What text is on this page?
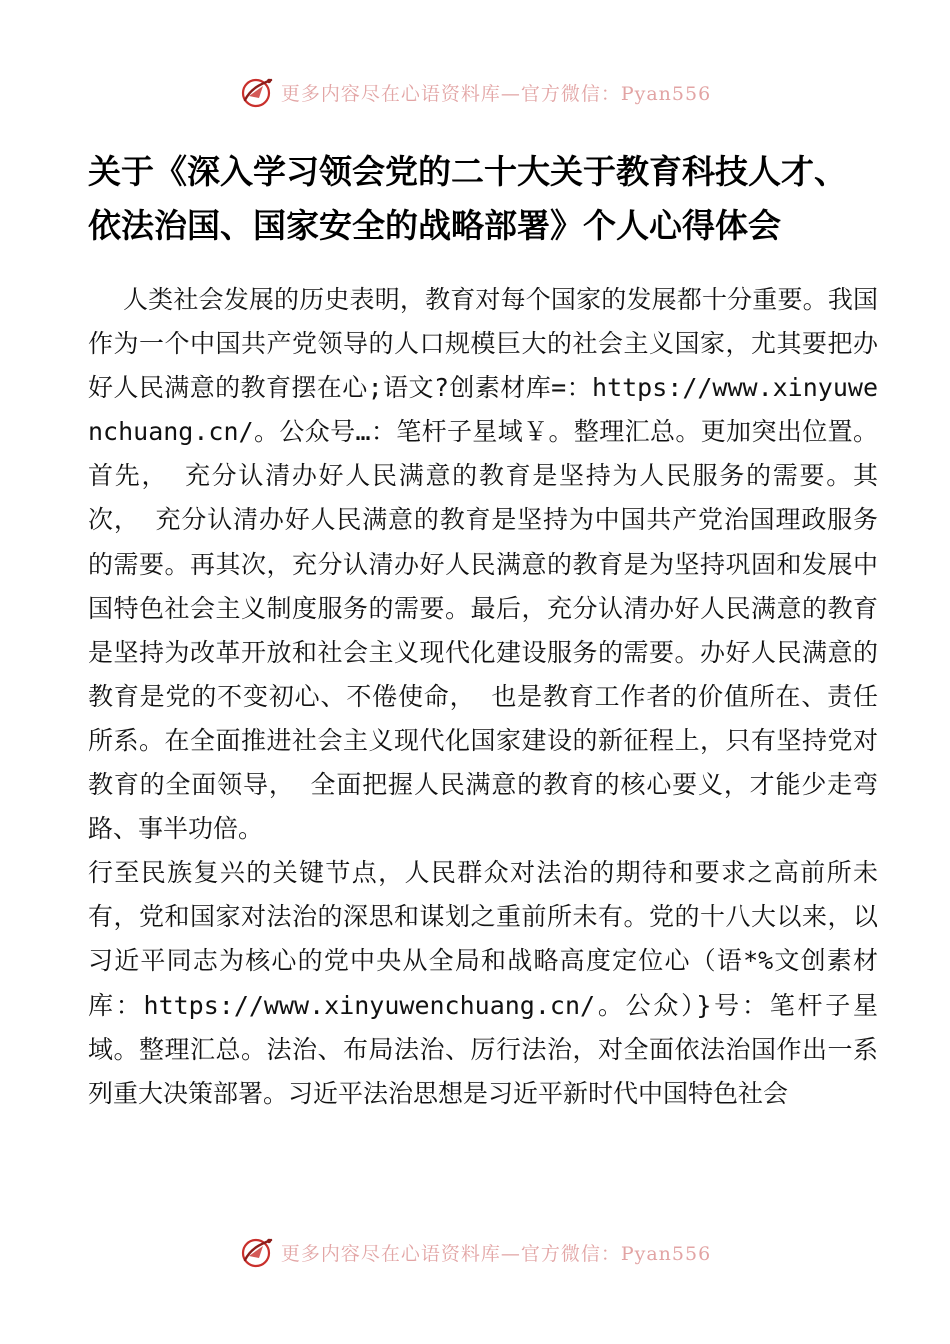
更多内容尽在心语资料库—官方微信：Pyan556
关于《深入学习领会党的二十大关于教育科技人才、 依法治国、国家安全的战略部署》个人心得体会

人类社会发展的历史表明，教育对每个国家的发展都十分重要。我国作为一个中国共产党领导的人口规模巨大的社会主义国家，尤其要把办好人民满意的教育摆在心;语文?创素材库=：https://www.xinyuwenchuang.cn/。公众号…：笔杆子星域￥。整理汇总。更加突出位置。首先， 充分认清办好人民满意的教育是坚持为人民服务的需要。其次， 充分认清办好人民满意的教育是坚持为中国共产党治国理政服务的需要。再其次，充分认清办好人民满意的教育是为坚持巩固和发展中国特色社会主义制度服务的需要。最后，充分认清办好人民满意的教育是坚持为改革开放和社会主义现代化建设服务的需要。办好人民满意的教育是党的不变初心、不倦使命， 也是教育工作者的价值所在、责任所系。在全面推进社会主义现代化国家建设的新征程上，只有坚持党对教育的全面领导， 全面把握人民满意的教育的核心要义，才能少走弯路、事半功倍。

行至民族复兴的关键节点，人民群众对法治的期待和要求之高前所未有，党和国家对法治的深思和谋划之重前所未有。党的十八大以来，以习近平同志为核心的党中央从全局和战略高度定位心（语*%文创素材库：https://www.xinyuwenchuang.cn/。公众）}号：笔杆子星域。整理汇总。法治、布局法治、厉行法治，对全面依法治国作出一系列重大决策部署。习近平法治思想是习近平新时代中国特色社会

更多内容尽在心语资料库—官方微信：Pyan556
